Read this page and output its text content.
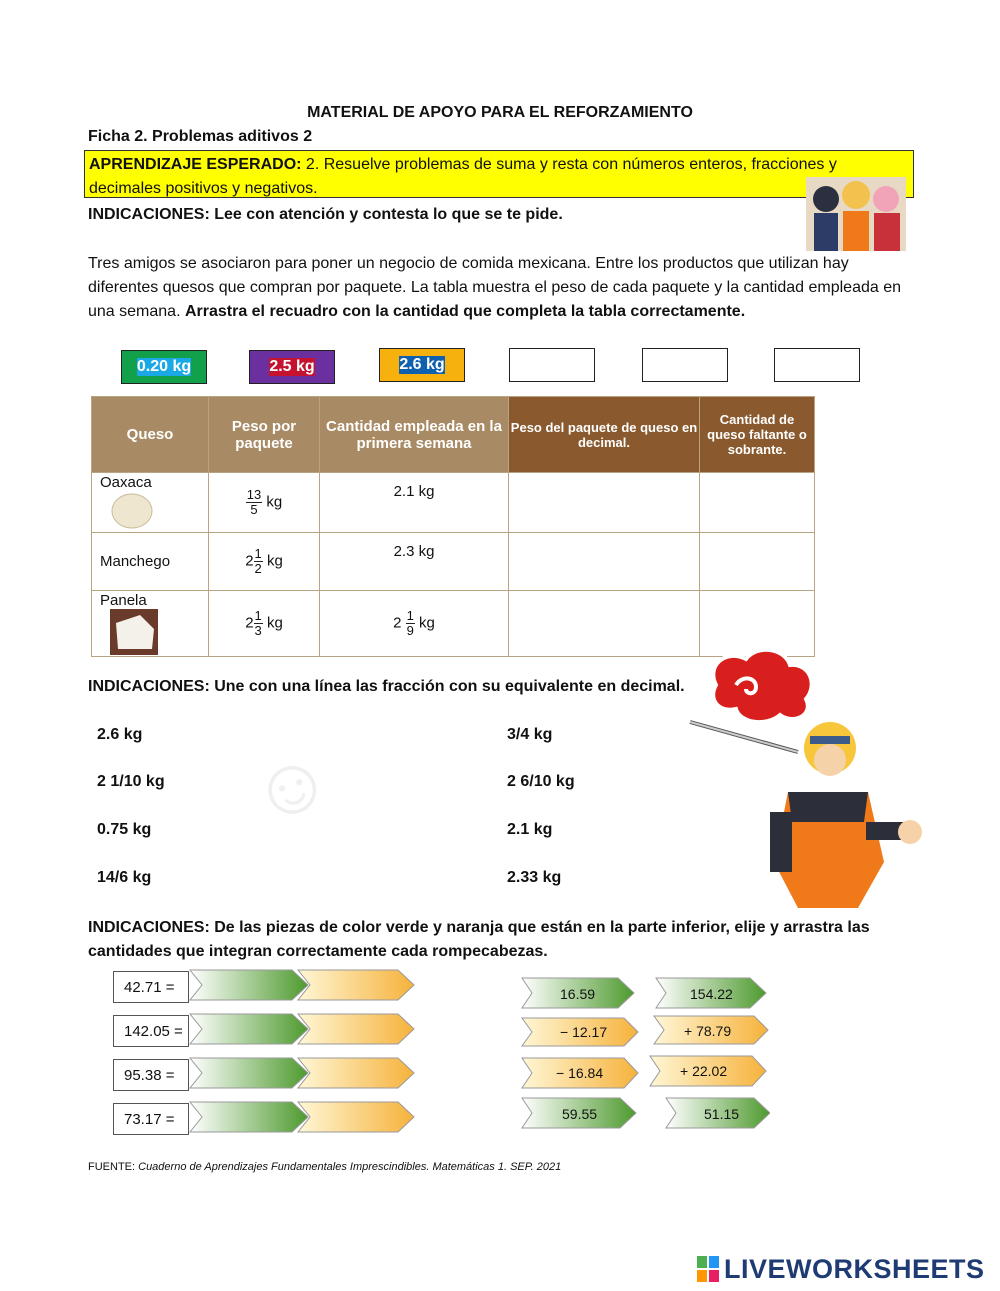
MATERIAL DE APOYO PARA EL REFORZAMIENTO
Ficha 2. Problemas aditivos 2
APRENDIZAJE ESPERADO: 2. Resuelve problemas de suma y resta con números enteros, fracciones y decimales positivos y negativos.
INDICACIONES: Lee con atención y contesta lo que se te pide.
Tres amigos se asociaron para poner un negocio de comida mexicana. Entre los productos que utilizan hay diferentes quesos que compran por paquete. La tabla muestra el peso de cada paquete y la cantidad empleada en una semana. Arrastra el recuadro con la cantidad que completa la tabla correctamente.
0.20 kg	2.5 kg	2.6 kg	0.5 kg	2.33 kg	0.22 kg
Queso	Peso por paquete	Cantidad empleada en la primera semana	Peso del paquete de queso en decimal.	Cantidad de queso faltante o sobrante.
Oaxaca	$\frac{13}{5}$ kg	2.1 kg		
Manchego	$2 \frac{1}{2}$ kg	2.3 kg		
Panela	$2 \frac{1}{3}$ kg	$2 \frac{1}{9}$ kg		
☺
INDICACIONES: Une con una línea las fracción con su equivalente en decimal.
2.6 kg
2 1/10 kg
0.75 kg
14/6 kg
3/4 kg
2 6/10 kg
2.1 kg
2.33 kg
INDICACIONES: De las piezas de color verde y naranja que están en la parte inferior, elije y arrastra las cantidades que integran correctamente cada rompecabezas.
42.71 =
142.05 =
95.38 =
73.17 =
16.59
− 12.17
− 16.84
59.55
154.22
+ 78.79
+ 22.02
51.15
FUENTE: Cuaderno de Aprendizajes Fundamentales Imprescindibles. Matemáticas 1. SEP. 2021
LIVEWORKSHEETS
